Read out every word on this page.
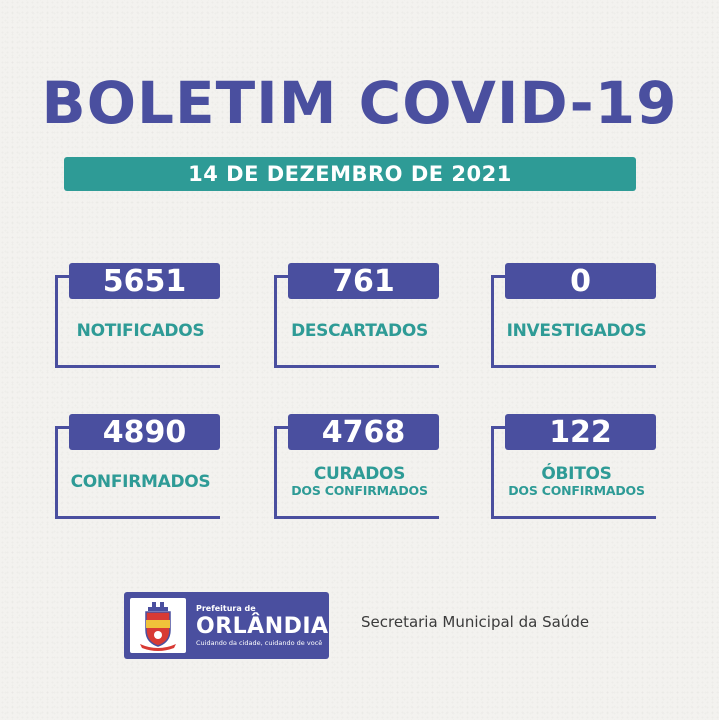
BOLETIM COVID-19
14 DE DEZEMBRO DE 2021
5651
NOTIFICADOS
761
DESCARTADOS
0
INVESTIGADOS
4890
CONFIRMADOS
4768
CURADOS
DOS CONFIRMADOS
122
ÓBITOS
DOS CONFIRMADOS
Prefeitura de
ORLÂNDIA
Cuidando da cidade, cuidando de você
Secretaria Municipal da Saúde
